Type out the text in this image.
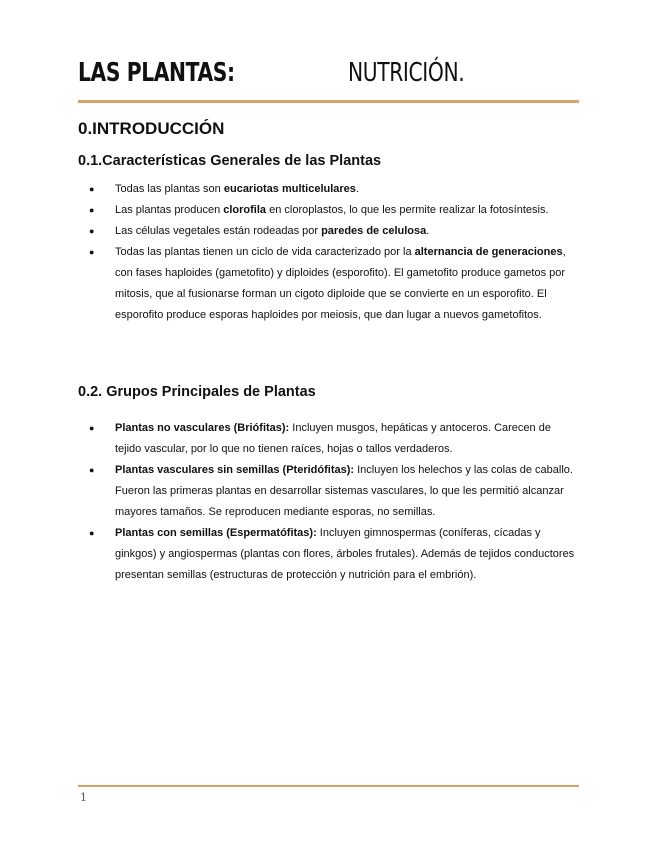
LAS PLANTAS:	NUTRICIÓN.
0.INTRODUCCIÓN
0.1.Características Generales de las Plantas
● Todas las plantas son eucariotas multicelulares.
● Las plantas producen clorofila en cloroplastos, lo que les permite realizar la fotosíntesis.
● Las células vegetales están rodeadas por paredes de celulosa.
● Todas las plantas tienen un ciclo de vida caracterizado por la alternancia de generaciones, con fases haploides (gametofito) y diploides (esporofito). El gametofito produce gametos por mitosis, que al fusionarse forman un cigoto diploide que se convierte en un esporofito. El esporofito produce esporas haploides por meiosis, que dan lugar a nuevos gametofitos.
0.2. Grupos Principales de Plantas
● Plantas no vasculares (Briófitas): Incluyen musgos, hepáticas y antoceros. Carecen de tejido vascular, por lo que no tienen raíces, hojas o tallos verdaderos.
● Plantas vasculares sin semillas (Pteridófitas): Incluyen los helechos y las colas de caballo. Fueron las primeras plantas en desarrollar sistemas vasculares, lo que les permitió alcanzar mayores tamaños. Se reproducen mediante esporas, no semillas.
● Plantas con semillas (Espermatófitas): Incluyen gimnospermas (coníferas, cícadas y ginkgos) y angiospermas (plantas con flores, árboles frutales). Además de tejidos conductores presentan semillas (estructuras de protección y nutrición para el embrión).
1
